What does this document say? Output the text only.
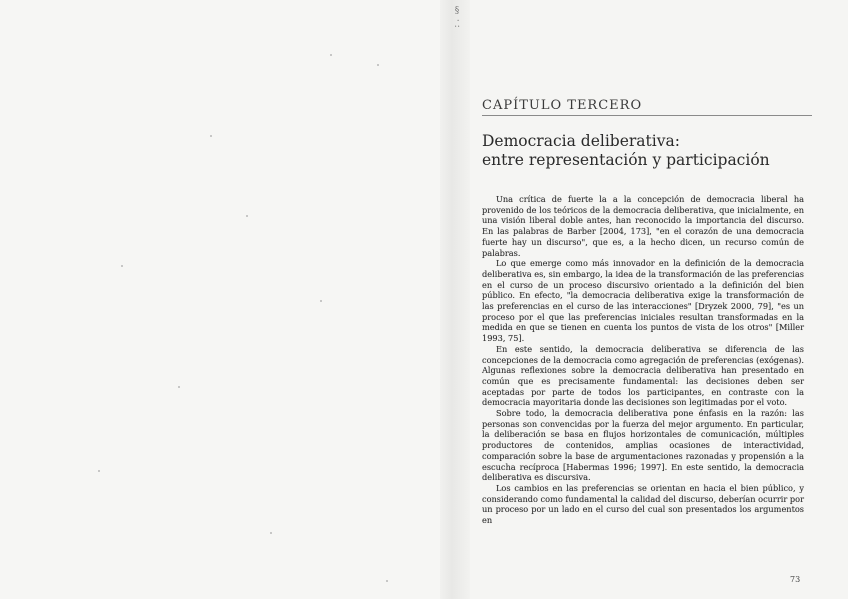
§ · :
CAPÍTULO TERCERO
Democracia deliberativa:
entre representación y participación

Una crítica de fuerte la a la concepción de democracia liberal ha provenido de los teóricos de la democracia deliberativa, que inicialmente, en una visión liberal doble antes, han reconocido la importancia del discurso. En las palabras de Barber [2004, 173], "en el corazón de una democracia fuerte hay un discurso", que es, a la hecho dicen, un recurso común de palabras.

Lo que emerge como más innovador en la definición de la democracia deliberativa es, sin embargo, la idea de la transformación de las preferencias en el curso de un proceso discursivo orientado a la definición del bien público. En efecto, "la democracia deliberativa exige la transformación de las preferencias en el curso de las interacciones" [Dryzek 2000, 79], "es un proceso por el que las preferencias iniciales resultan transformadas en la medida en que se tienen en cuenta los puntos de vista de los otros" [Miller 1993, 75].

En este sentido, la democracia deliberativa se diferencia de las concepciones de la democracia como agregación de preferencias (exógenas). Algunas reflexiones sobre la democracia deliberativa han presentado en común que es precisamente fundamental: las decisiones deben ser aceptadas por parte de todos los participantes, en contraste con la democracia mayoritaria donde las decisiones son legitimadas por el voto.

Sobre todo, la democracia deliberativa pone énfasis en la razón: las personas son convencidas por la fuerza del mejor argumento. En particular, la deliberación se basa en flujos horizontales de comunicación, múltiples productores de contenidos, amplias ocasiones de interactividad, comparación sobre la base de argumentaciones razonadas y propensión a la escucha recíproca [Habermas 1996; 1997]. En este sentido, la democracia deliberativa es discursiva.

Los cambios en las preferencias se orientan en hacia el bien público, y considerando como fundamental la calidad del discurso, deberían ocurrir por un proceso por un lado en el curso del cual son presentados los argumentos en

73
